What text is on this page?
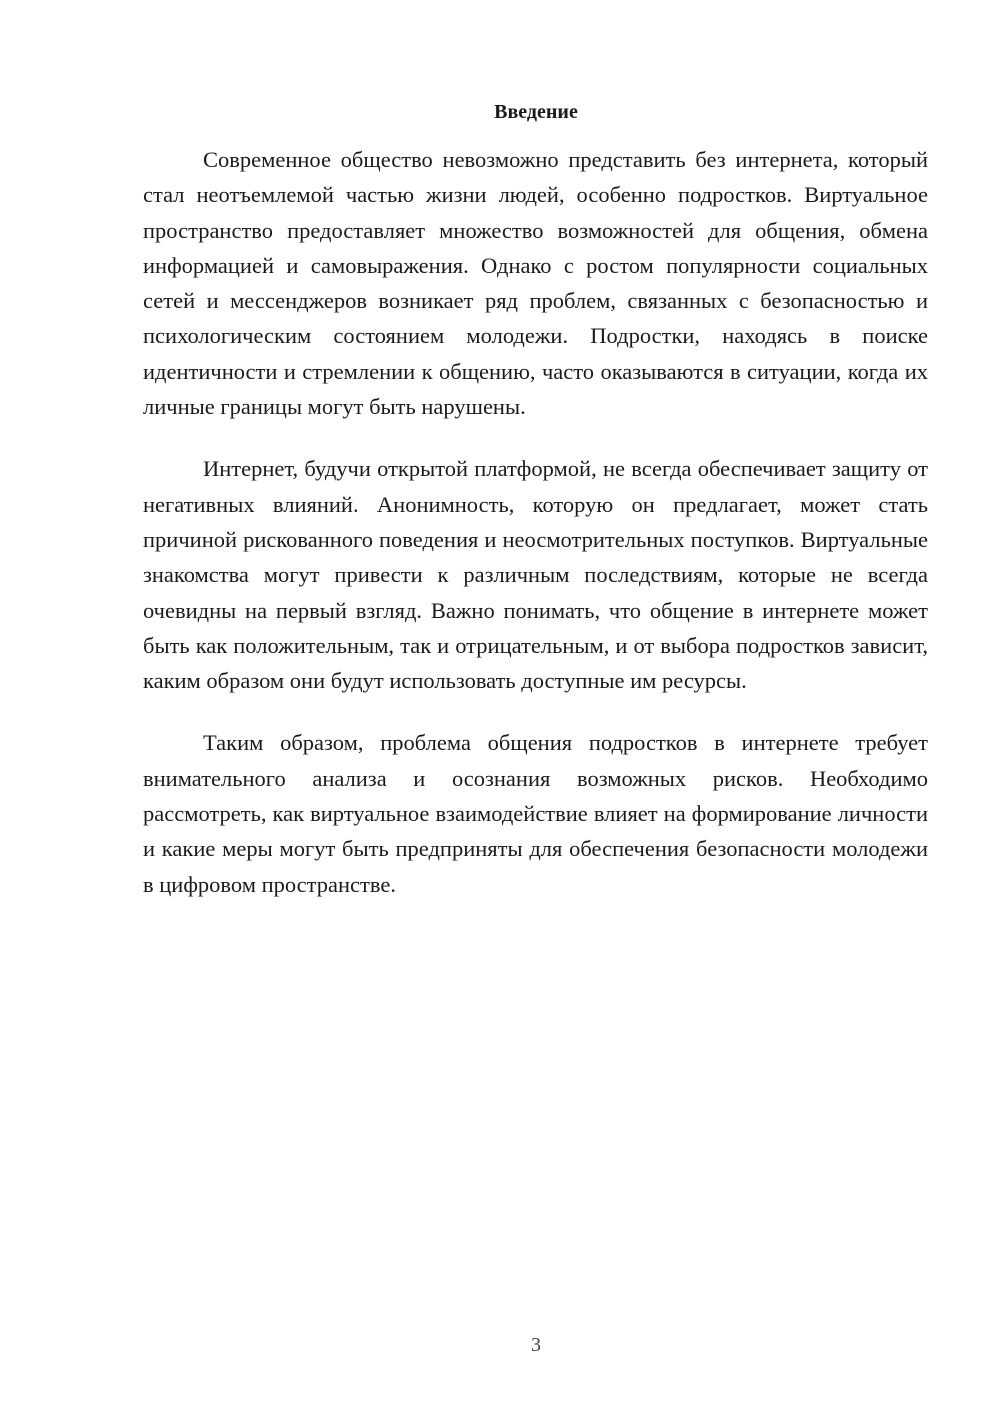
Введение

Современное общество невозможно представить без интернета, который стал неотъемлемой частью жизни людей, особенно подростков. Виртуальное пространство предоставляет множество возможностей для общения, обмена информацией и самовыражения. Однако с ростом популярности социальных сетей и мессенджеров возникает ряд проблем, связанных с безопасностью и психологическим состоянием молодежи. Подростки, находясь в поиске идентичности и стремлении к общению, часто оказываются в ситуации, когда их личные границы могут быть нарушены.

Интернет, будучи открытой платформой, не всегда обеспечивает защиту от негативных влияний. Анонимность, которую он предлагает, может стать причиной рискованного поведения и неосмотрительных поступков. Виртуальные знакомства могут привести к различным последствиям, которые не всегда очевидны на первый взгляд. Важно понимать, что общение в интернете может быть как положительным, так и отрицательным, и от выбора подростков зависит, каким образом они будут использовать доступные им ресурсы.

Таким образом, проблема общения подростков в интернете требует внимательного анализа и осознания возможных рисков. Необходимо рассмотреть, как виртуальное взаимодействие влияет на формирование личности и какие меры могут быть предприняты для обеспечения безопасности молодежи в цифровом пространстве.

3
